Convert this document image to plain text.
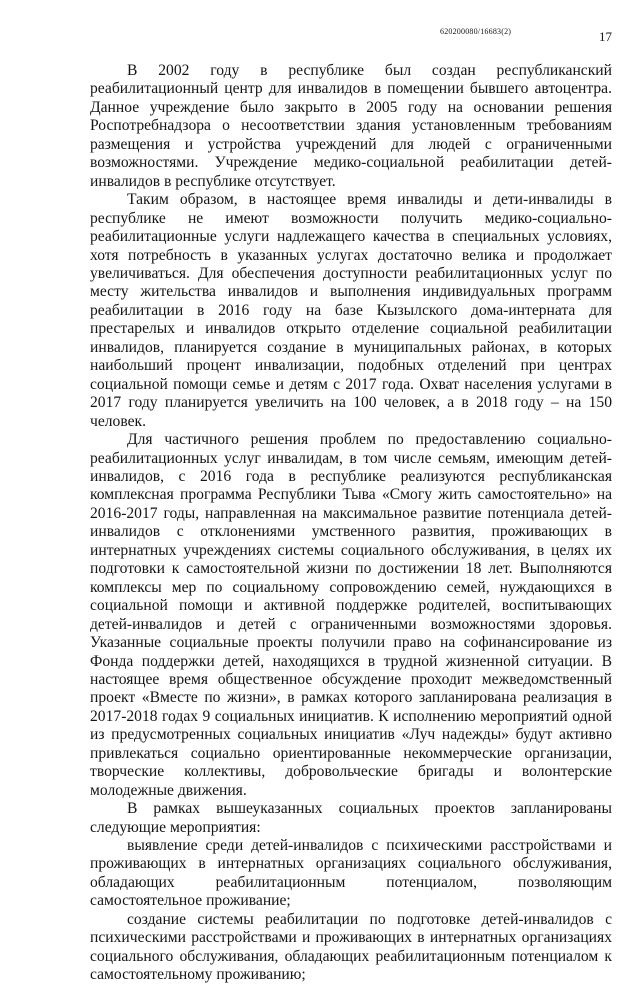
620200080/16683(2)	17

В 2002 году в республике был создан республиканский реабилитационный центр для инвалидов в помещении бывшего автоцентра. Данное учреждение было закрыто в 2005 году на основании решения Роспотребнадзора о несоответствии здания установленным требованиям размещения и устройства учреждений для людей с ограниченными возможностями. Учреждение медико-социальной реабилитации детей-инвалидов в республике отсутствует.

Таким образом, в настоящее время инвалиды и дети-инвалиды в республике не имеют возможности получить медико-социально-реабилитационные услуги надлежащего качества в специальных условиях, хотя потребность в указанных услугах достаточно велика и продолжает увеличиваться. Для обеспечения доступности реабилитационных услуг по месту жительства инвалидов и выполнения индивидуальных программ реабилитации в 2016 году на базе Кызылского дома-интерната для престарелых и инвалидов открыто отделение социальной реабилитации инвалидов, планируется создание в муниципальных районах, в которых наибольший процент инвализации, подобных отделений при центрах социальной помощи семье и детям с 2017 года. Охват населения услугами в 2017 году планируется увеличить на 100 человек, а в 2018 году – на 150 человек.

Для частичного решения проблем по предоставлению социально-реабилитационных услуг инвалидам, в том числе семьям, имеющим детей-инвалидов, с 2016 года в республике реализуются республиканская комплексная программа Республики Тыва «Смогу жить самостоятельно» на 2016-2017 годы, направленная на максимальное развитие потенциала детей-инвалидов с отклонениями умственного развития, проживающих в интернатных учреждениях системы социального обслуживания, в целях их подготовки к самостоятельной жизни по достижении 18 лет. Выполняются комплексы мер по социальному сопровождению семей, нуждающихся в социальной помощи и активной поддержке родителей, воспитывающих детей-инвалидов и детей с ограниченными возможностями здоровья. Указанные социальные проекты получили право на софинансирование из Фонда поддержки детей, находящихся в трудной жизненной ситуации. В настоящее время общественное обсуждение проходит межведомственный проект «Вместе по жизни», в рамках которого запланирована реализация в 2017-2018 годах 9 социальных инициатив. К исполнению мероприятий одной из предусмотренных социальных инициатив «Луч надежды» будут активно привлекаться социально ориентированные некоммерческие организации, творческие коллективы, добровольческие бригады и волонтерские молодежные движения.

В рамках вышеуказанных социальных проектов запланированы следующие мероприятия:

выявление среди детей-инвалидов с психическими расстройствами и проживающих в интернатных организациях социального обслуживания, обладающих реабилитационным потенциалом, позволяющим самостоятельное проживание;

создание системы реабилитации по подготовке детей-инвалидов с психическими расстройствами и проживающих в интернатных организациях социального обслуживания, обладающих реабилитационным потенциалом к самостоятельному проживанию;
